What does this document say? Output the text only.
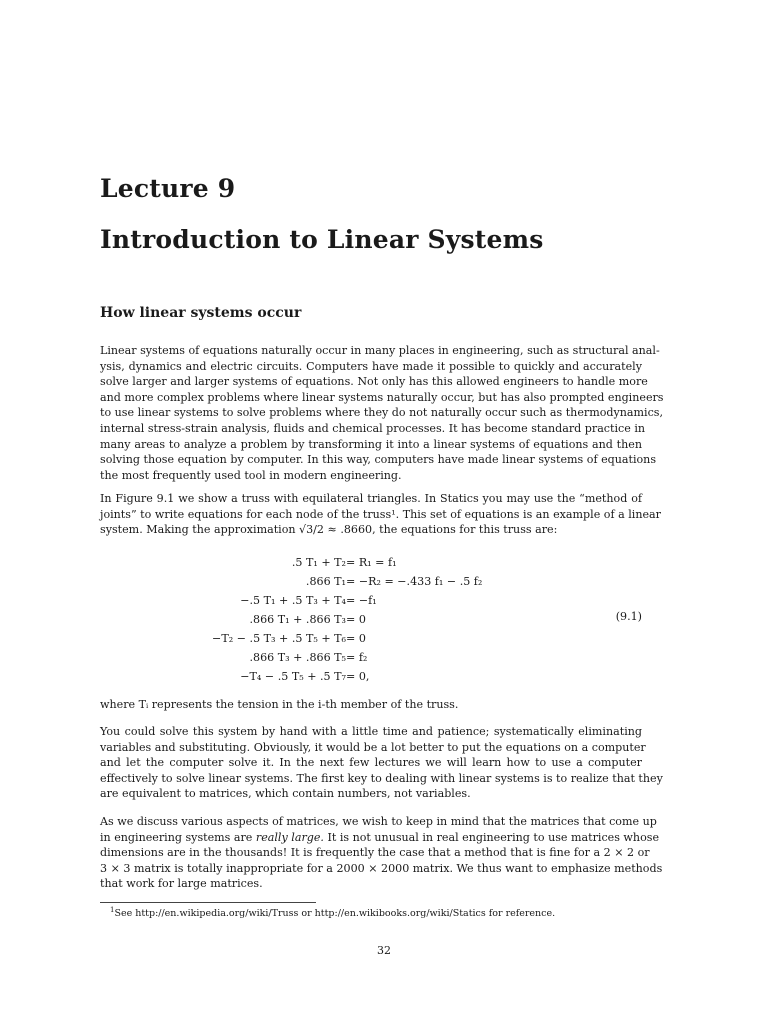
Lecture 9
Introduction to Linear Systems
How linear systems occur
Linear systems of equations naturally occur in many places in engineering, such as structural anal-
ysis, dynamics and electric circuits. Computers have made it possible to quickly and accurately
solve larger and larger systems of equations. Not only has this allowed engineers to handle more
and more complex problems where linear systems naturally occur, but has also prompted engineers
to use linear systems to solve problems where they do not naturally occur such as thermodynamics,
internal stress-strain analysis, fluids and chemical processes. It has become standard practice in
many areas to analyze a problem by transforming it into a linear systems of equations and then
solving those equation by computer. In this way, computers have made linear systems of equations
the most frequently used tool in modern engineering.
In Figure 9.1 we show a truss with equilateral triangles. In Statics you may use the “method of
joints” to write equations for each node of the truss¹. This set of equations is an example of a linear
system. Making the approximation √3/2 ≈ .8660, the equations for this truss are:
.5 T₁ + T₂ = R₁ = f₁
.866 T₁ = −R₂ = −.433 f₁ − .5 f₂
−.5 T₁ + .5 T₃ + T₄ = −f₁
.866 T₁ + .866 T₃ = 0
−T₂ − .5 T₃ + .5 T₅ + T₆ = 0
.866 T₃ + .866 T₅ = f₂
−T₄ − .5 T₅ + .5 T₇ = 0,
(9.1)
where Tᵢ represents the tension in the i-th member of the truss.
You could solve this system by hand with a little time and patience; systematically eliminating
variables and substituting. Obviously, it would be a lot better to put the equations on a computer
and let the computer solve it. In the next few lectures we will learn how to use a computer
effectively to solve linear systems. The first key to dealing with linear systems is to realize that they
are equivalent to matrices, which contain numbers, not variables.
As we discuss various aspects of matrices, we wish to keep in mind that the matrices that come up
in engineering systems are really large. It is not unusual in real engineering to use matrices whose
dimensions are in the thousands! It is frequently the case that a method that is fine for a 2 × 2 or
3 × 3 matrix is totally inappropriate for a 2000 × 2000 matrix. We thus want to emphasize methods
that work for large matrices.
$^1$See http://en.wikipedia.org/wiki/Truss or http://en.wikibooks.org/wiki/Statics for reference.
32
